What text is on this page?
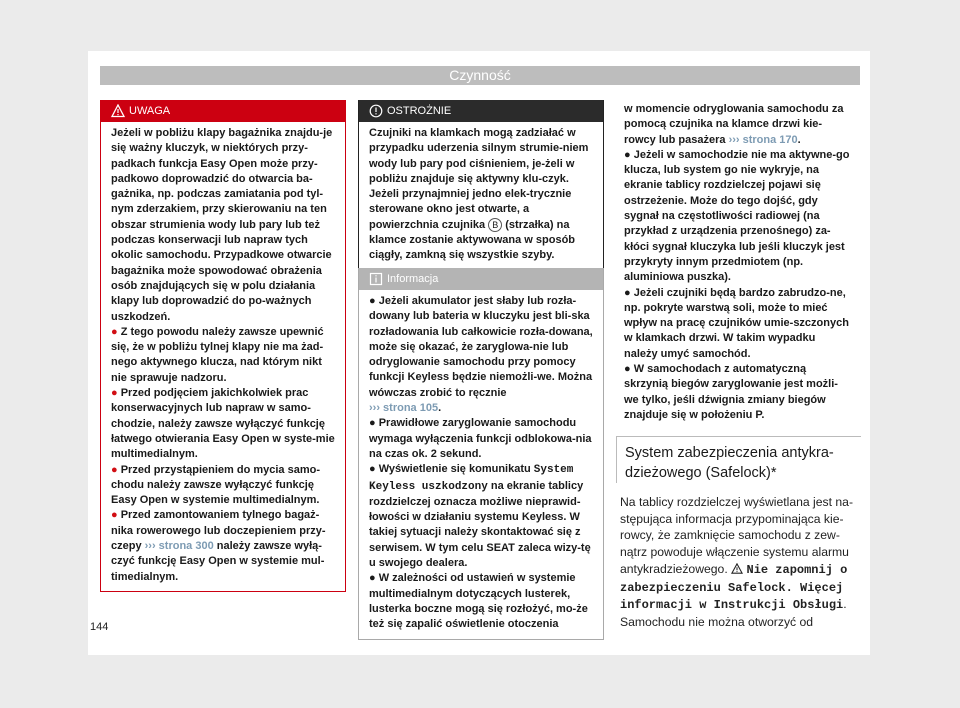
Czynność
UWAGA

Jeżeli w pobliżu klapy bagażnika znajdu-je się ważny kluczyk, w niektórych przy-padkach funkcja Easy Open może przy-padkowo doprowadzić do otwarcia ba-gażnika, np. podczas zamiatania pod tyl-nym zderzakiem, przy skierowaniu na ten obszar strumienia wody lub pary lub też podczas konserwacji lub napraw tych okolic samochodu. Przypadkowe otwarcie bagażnika może spowodować obrażenia osób znajdujących się w polu działania klapy lub doprowadzić do po-ważnych uszkodzeń.

● Z tego powodu należy zawsze upewnić się, że w pobliżu tylnej klapy nie ma żad-nego aktywnego klucza, nad którym nikt nie sprawuje nadzoru.

● Przed podjęciem jakichkolwiek prac konserwacyjnych lub napraw w samo-chodzie, należy zawsze wyłączyć funkcję łatwego otwierania Easy Open w syste-mie multimedialnym.

● Przed przystąpieniem do mycia samo-chodu należy zawsze wyłączyć funkcję Easy Open w systemie multimedialnym.

● Przed zamontowaniem tylnego bagaż-nika rowerowego lub doczepieniem przy-czepy ››› strona 300 należy zawsze wyłą-czyć funkcję Easy Open w systemie mul-timedialnym.

OSTROŻNIE

Czujniki na klamkach mogą zadziałać w przypadku uderzenia silnym strumie-niem wody lub pary pod ciśnieniem, je-żeli w pobliżu znajduje się aktywny klu-czyk. Jeżeli przynajmniej jedno elek-trycznie sterowane okno jest otwarte, a powierzchnia czujnika B (strzałka) na klamce zostanie aktywowana w sposób ciągły, zamkną się wszystkie szyby.

Informacja

● Jeżeli akumulator jest słaby lub rozła-dowany lub bateria w kluczyku jest bli-ska rozładowania lub całkowicie rozła-dowana, może się okazać, że zaryglowa-nie lub odryglowanie samochodu przy pomocy funkcji Keyless będzie niemożli-we. Można wówczas zrobić to ręcznie
››› strona 105.

● Prawidłowe zaryglowanie samochodu wymaga wyłączenia funkcji odblokowa-nia na czas ok. 2 sekund.

● Wyświetlenie się komunikatu System Keyless uszkodzony na ekranie tablicy rozdzielczej oznacza możliwe nieprawid-łowości w działaniu systemu Keyless. W takiej sytuacji należy skontaktować się z serwisem. W tym celu SEAT zaleca wizy-tę u swojego dealera.

● W zależności od ustawień w systemie multimedialnym dotyczących lusterek, lusterka boczne mogą się rozłożyć, mo-że też się zapalić oświetlenie otoczenia

w momencie odryglowania samochodu za pomocą czujnika na klamce drzwi kie-rowcy lub pasażera ››› strona 170.

● Jeżeli w samochodzie nie ma aktywne-go klucza, lub system go nie wykryje, na ekranie tablicy rozdzielczej pojawi się ostrzeżenie. Może do tego dojść, gdy sygnał na częstotliwości radiowej (na przykład z urządzenia przenośnego) za-kłóci sygnał kluczyka lub jeśli kluczyk jest przykryty innym przedmiotem (np. aluminiowa puszka).

● Jeżeli czujniki będą bardzo zabrudzo-ne, np. pokryte warstwą soli, może to mieć wpływ na pracę czujników umie-szczonych w klamkach drzwi. W takim wypadku należy umyć samochód.

● W samochodach z automatyczną skrzynią biegów zaryglowanie jest możli-we tylko, jeśli dźwignia zmiany biegów znajduje się w położeniu P.

System zabezpieczenia antykra-dzieżowego (Safelock)*
Na tablicy rozdzielczej wyświetlana jest na-stępująca informacja przypominająca kie-rowcy, że zamknięcie samochodu z zew-nątrz powoduje włączenie systemu alarmu antykradzieżowego. Nie zapomnij o zabezpieczeniu Safelock. Więcej informacji w Instrukcji Obsługi. Samochodu nie można otworzyć od
144
